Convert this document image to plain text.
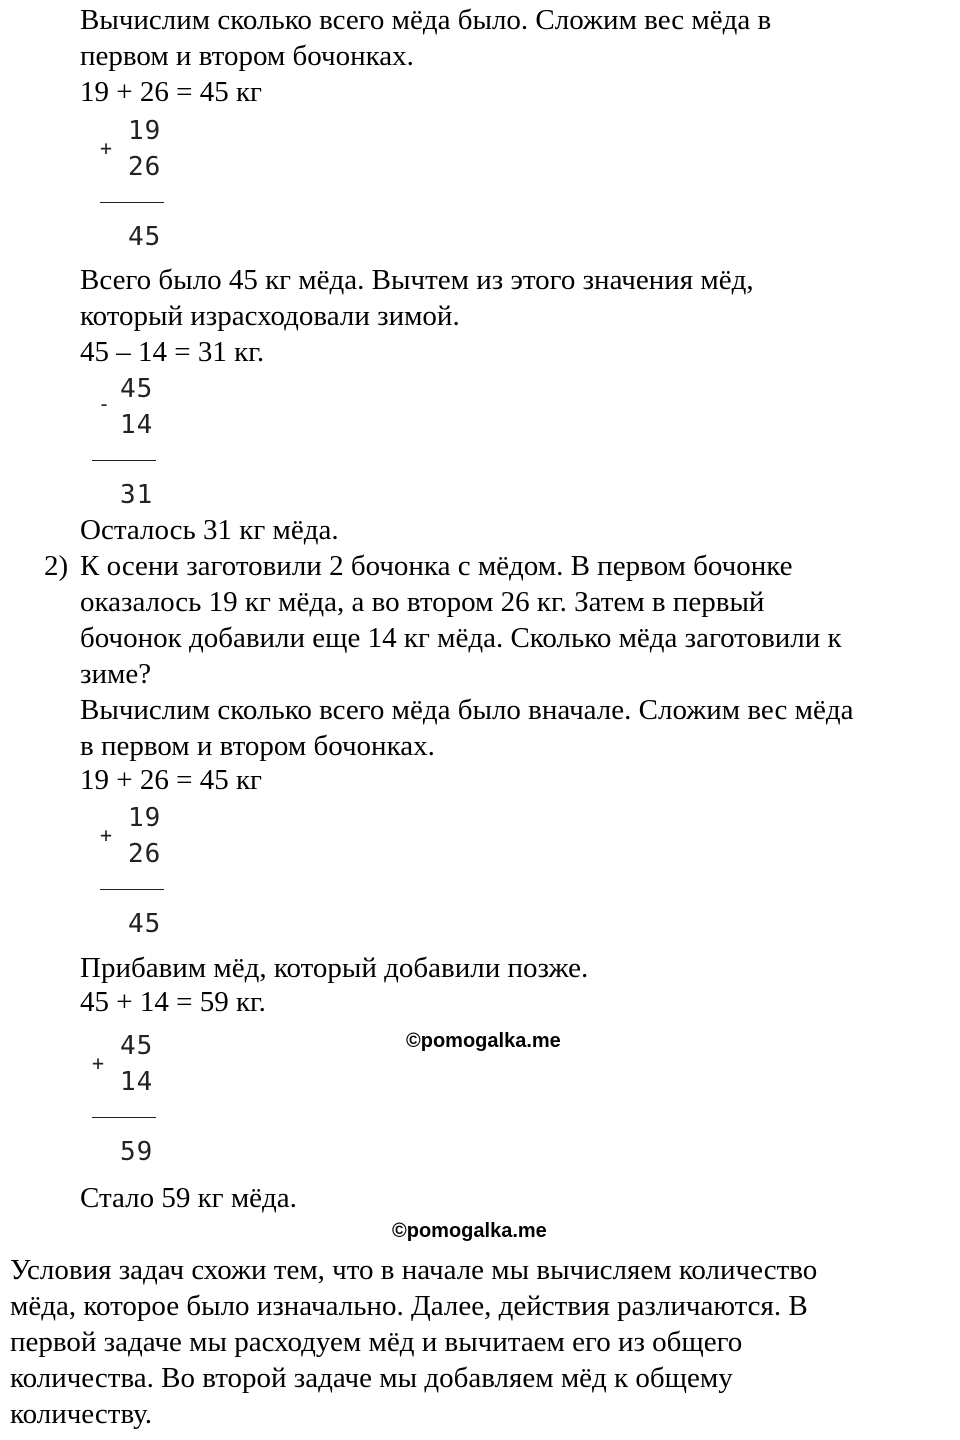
Вычислим сколько всего мёда было. Сложим вес мёда в
первом и втором бочонках.
19 + 26 = 45 кг
+
19
26
45
Всего было 45 кг мёда. Вычтем из этого значения мёд,
который израсходовали зимой.
45 – 14 = 31 кг.
- 45
14
31
Осталось 31 кг мёда.
2) К осени заготовили 2 бочонка с мёдом. В первом бочонке
оказалось 19 кг мёда, а во втором 26 кг. Затем в первый
бочонок добавили еще 14 кг мёда. Сколько мёда заготовили к
зиме?
Вычислим сколько всего мёда было вначале. Сложим вес мёда
в первом и втором бочонках.
19 + 26 = 45 кг
+
19
26
45
Прибавим мёд, который добавили позже.
45 + 14 = 59 кг.
©pomogalka.me
+
45
14
59
Стало 59 кг мёда.
©pomogalka.me
Условия задач схожи тем, что в начале мы вычисляем количество
мёда, которое было изначально. Далее, действия различаются. В
первой задаче мы расходуем мёд и вычитаем его из общего
количества. Во второй задаче мы добавляем мёд к общему
количеству.
